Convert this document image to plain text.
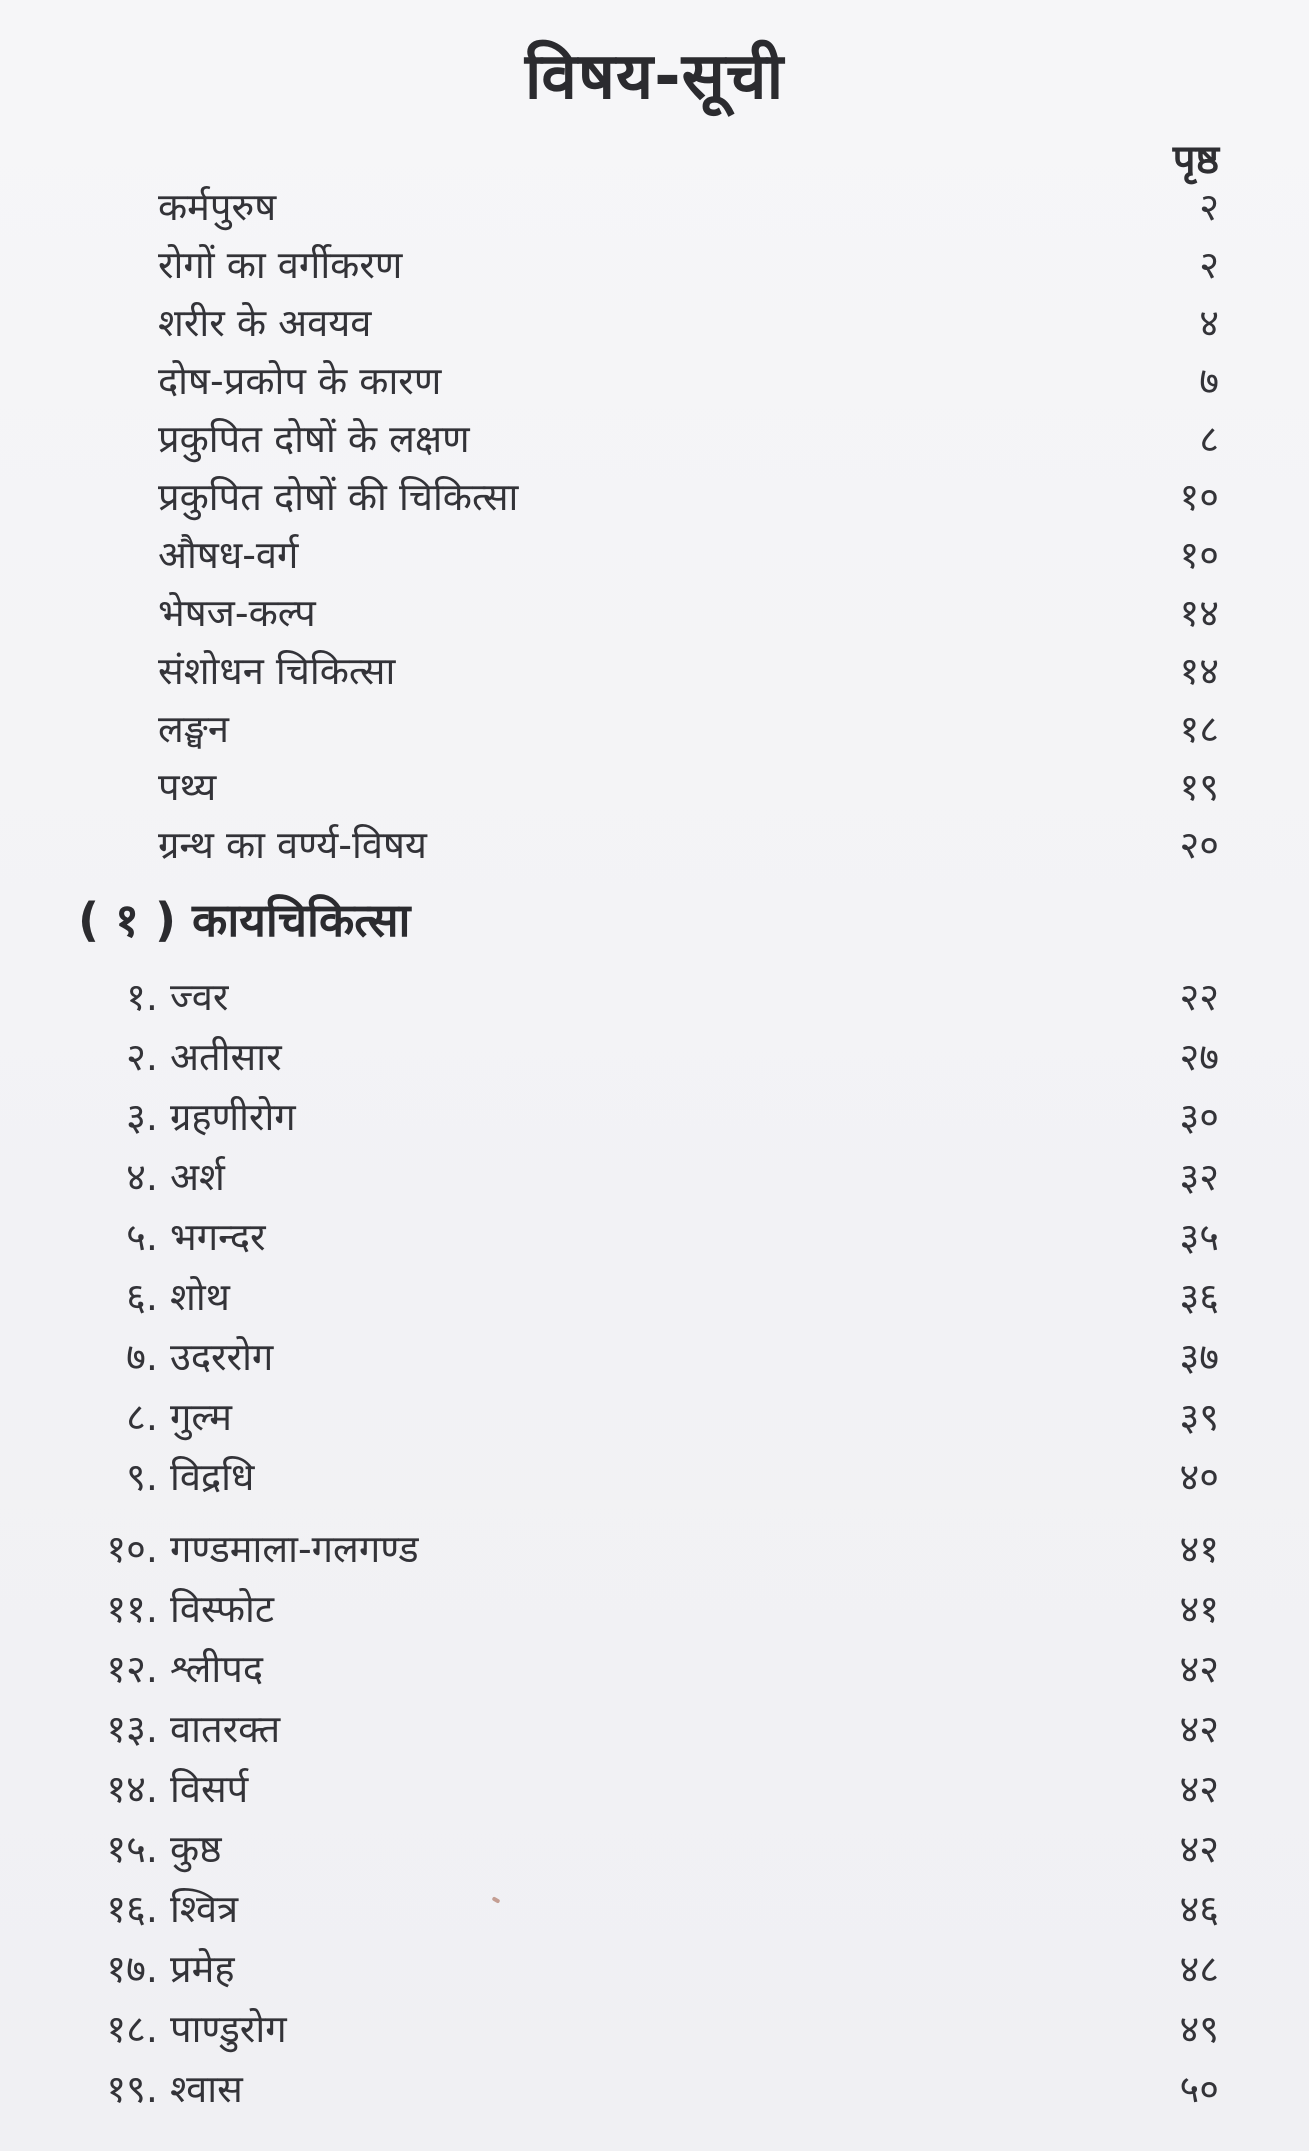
विषय-सूची
पृष्ठ
कर्मपुरुष	२
रोगों का वर्गीकरण	२
शरीर के अवयव	४
दोष-प्रकोप के कारण	७
प्रकुपित दोषों के लक्षण	८
प्रकुपित दोषों की चिकित्सा	१०
औषध-वर्ग	१०
भेषज-कल्प	१४
संशोधन चिकित्सा	१४
लङ्घन	१८
पथ्य	१९
ग्रन्थ का वर्ण्य-विषय	२०
( १ ) कायचिकित्सा
१. ज्वर	२२
२. अतीसार	२७
३. ग्रहणीरोग	३०
४. अर्श	३२
५. भगन्दर	३५
६. शोथ	३६
७. उदररोग	३७
८. गुल्म	३९
९. विद्रधि	४०
१०. गण्डमाला-गलगण्ड	४१
११. विस्फोट	४१
१२. श्लीपद	४२
१३. वातरक्त	४२
१४. विसर्प	४२
१५. कुष्ठ	४२
१६. श्वित्र	४६
१७. प्रमेह	४८
१८. पाण्डुरोग	४९
१९. श्वास	५०
